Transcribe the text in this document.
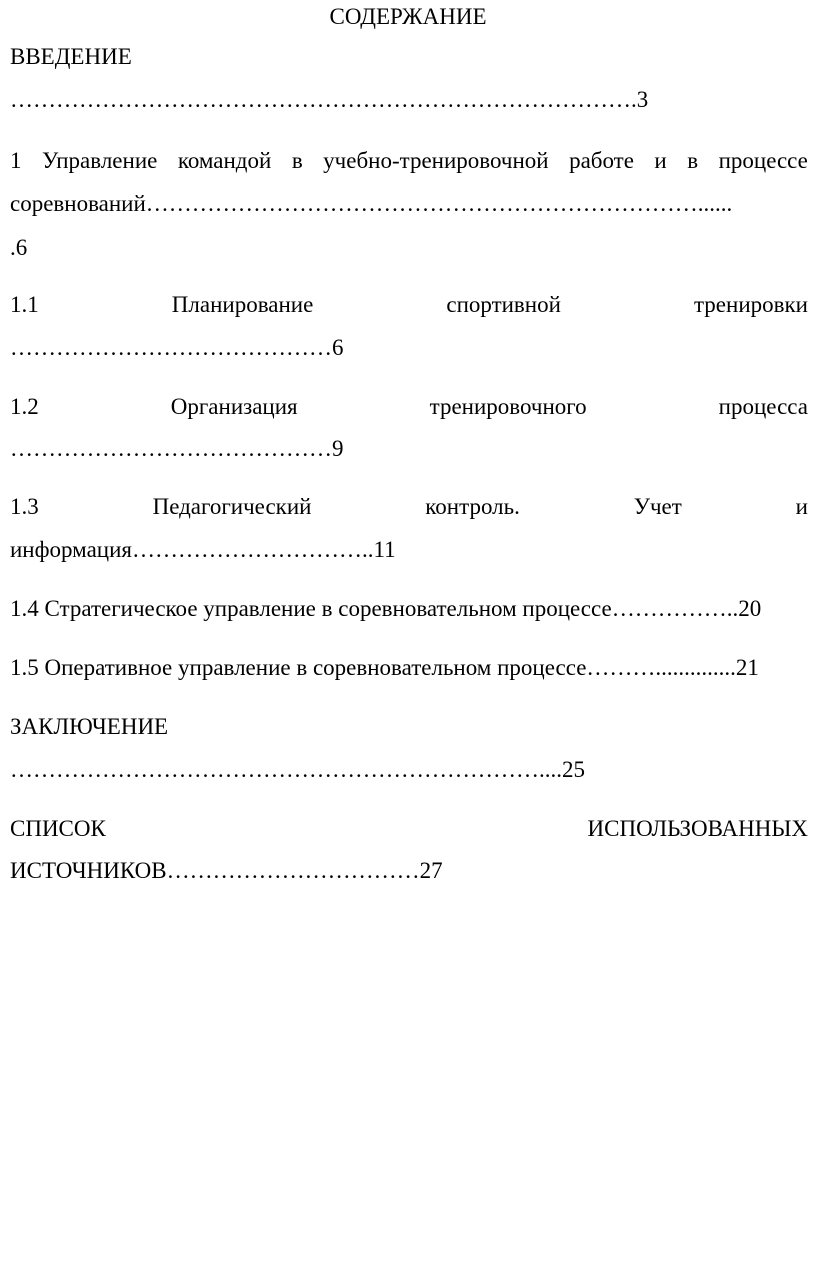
СОДЕРЖАНИЕ
ВВЕДЕНИЕ
……………………………………………………………………….3
1 Управление командой в учебно-тренировочной работе и в процессе
соревнований………………………………………………………………......
.6
1.1	Планирование	спортивной	тренировки
……………………………………6
1.2	Организация	тренировочного	процесса
……………………………………9
1.3	Педагогический	контроль.	Учет	и
информация…………………………..11
1.4 Стратегическое управление в соревновательном процессе……………..20
1.5 Оперативное управление в соревновательном процессе………..............21
ЗАКЛЮЧЕНИЕ
……………………………………………………………....25
СПИСОК	ИСПОЛЬЗОВАННЫХ
ИСТОЧНИКОВ……………………………27
